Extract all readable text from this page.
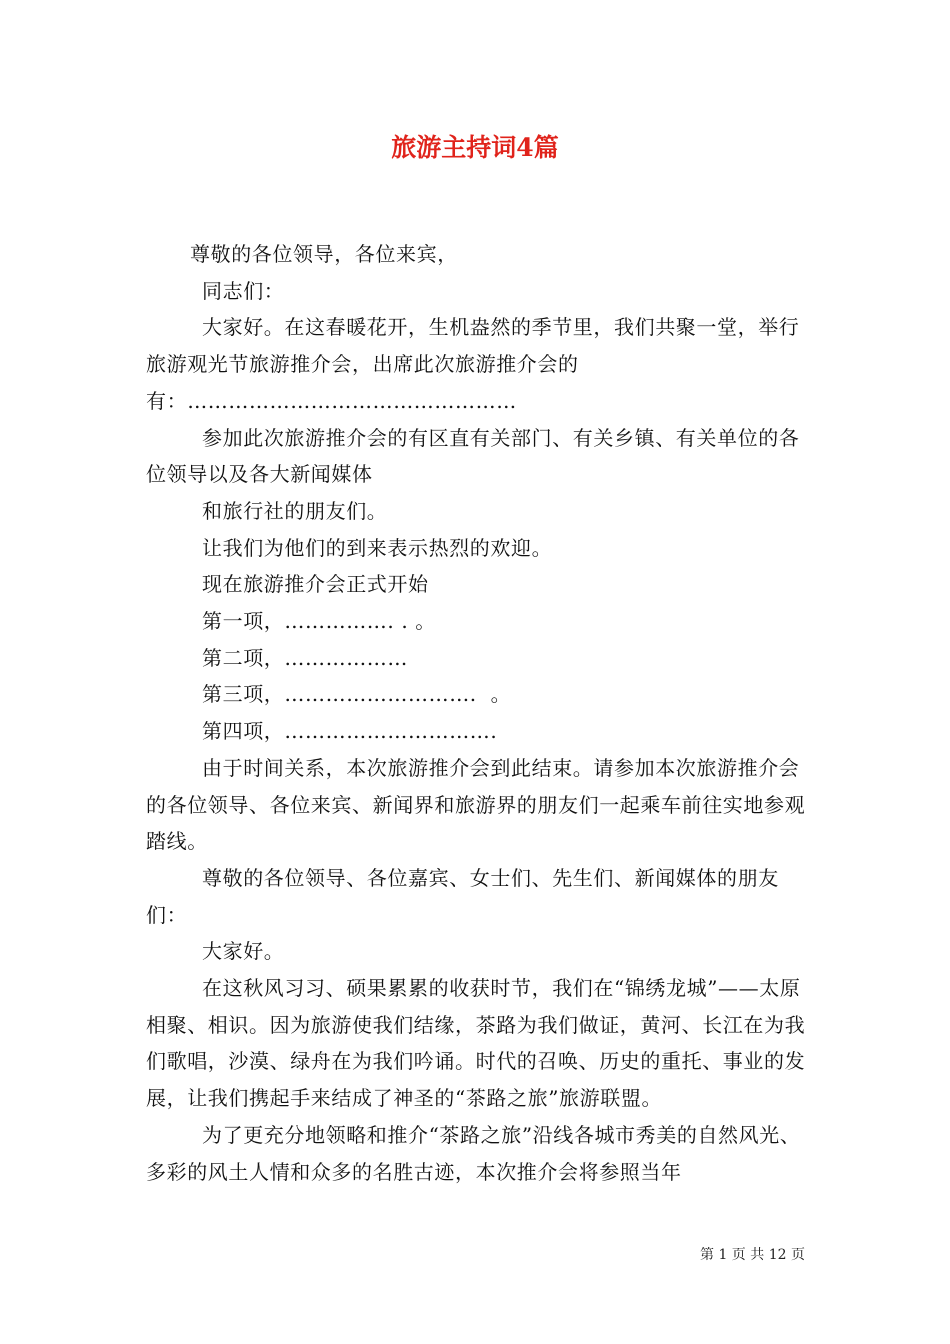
旅游主持词4篇

尊敬的各位领导，各位来宾，

同志们：

大家好。在这春暖花开，生机盎然的季节里，我们共聚一堂，举行旅游观光节旅游推介会，出席此次旅游推介会的有：…………………………………………

参加此次旅游推介会的有区直有关部门、有关乡镇、有关单位的各位领导以及各大新闻媒体

和旅行社的朋友们。

让我们为他们的到来表示热烈的欢迎。

现在旅游推介会正式开始

第一项，……………. . 。

第二项，………………

第三项，……………………….  。

第四项，………………………….

由于时间关系，本次旅游推介会到此结束。请参加本次旅游推介会的各位领导、各位来宾、新闻界和旅游界的朋友们一起乘车前往实地参观踏线。

尊敬的各位领导、各位嘉宾、女士们、先生们、新闻媒体的朋友们：

大家好。

在这秋风习习、硕果累累的收获时节，我们在“锦绣龙城”——太原相聚、相识。因为旅游使我们结缘，茶路为我们做证，黄河、长江在为我们歌唱，沙漠、绿舟在为我们吟诵。时代的召唤、历史的重托、事业的发展，让我们携起手来结成了神圣的“茶路之旅”旅游联盟。

为了更充分地领略和推介“茶路之旅”沿线各城市秀美的自然风光、多彩的风土人情和众多的名胜古迹，本次推介会将参照当年

第 1 页 共 12 页
